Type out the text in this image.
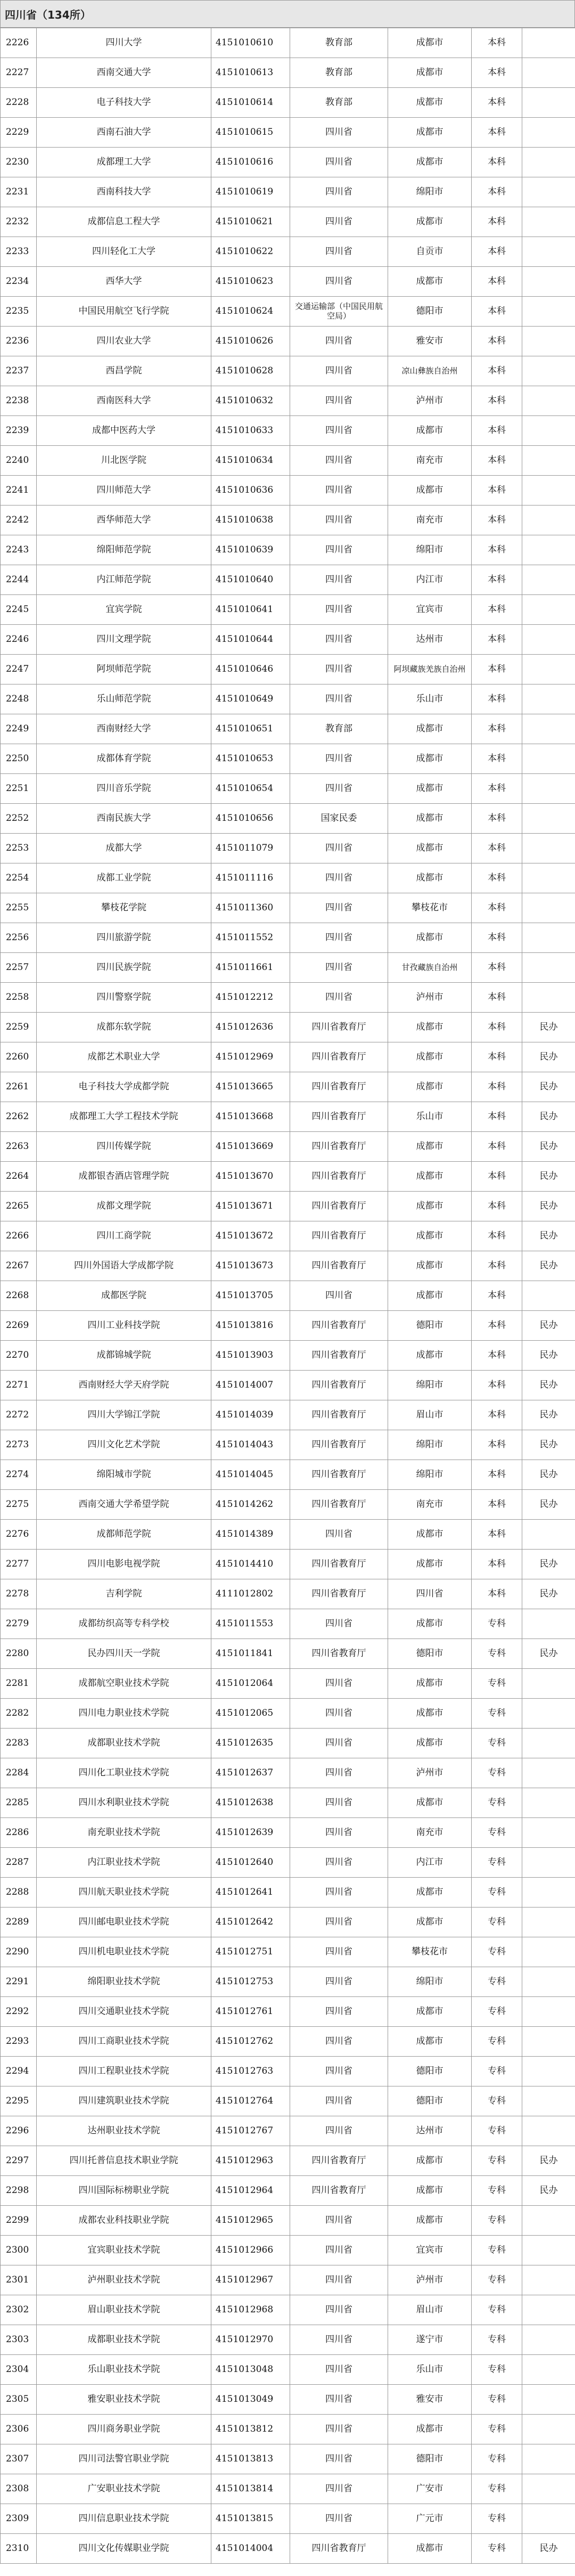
四川省（134所）
2226	四川大学	4151010610	教育部	成都市	本科	
2227	西南交通大学	4151010613	教育部	成都市	本科	
2228	电子科技大学	4151010614	教育部	成都市	本科	
2229	西南石油大学	4151010615	四川省	成都市	本科	
2230	成都理工大学	4151010616	四川省	成都市	本科	
2231	西南科技大学	4151010619	四川省	绵阳市	本科	
2232	成都信息工程大学	4151010621	四川省	成都市	本科	
2233	四川轻化工大学	4151010622	四川省	自贡市	本科	
2234	西华大学	4151010623	四川省	成都市	本科	
2235	中国民用航空飞行学院	4151010624	交通运输部（中国民用航空局）	德阳市	本科	
2236	四川农业大学	4151010626	四川省	雅安市	本科	
2237	西昌学院	4151010628	四川省	凉山彝族自治州	本科	
2238	西南医科大学	4151010632	四川省	泸州市	本科	
2239	成都中医药大学	4151010633	四川省	成都市	本科	
2240	川北医学院	4151010634	四川省	南充市	本科	
2241	四川师范大学	4151010636	四川省	成都市	本科	
2242	西华师范大学	4151010638	四川省	南充市	本科	
2243	绵阳师范学院	4151010639	四川省	绵阳市	本科	
2244	内江师范学院	4151010640	四川省	内江市	本科	
2245	宜宾学院	4151010641	四川省	宜宾市	本科	
2246	四川文理学院	4151010644	四川省	达州市	本科	
2247	阿坝师范学院	4151010646	四川省	阿坝藏族羌族自治州	本科	
2248	乐山师范学院	4151010649	四川省	乐山市	本科	
2249	西南财经大学	4151010651	教育部	成都市	本科	
2250	成都体育学院	4151010653	四川省	成都市	本科	
2251	四川音乐学院	4151010654	四川省	成都市	本科	
2252	西南民族大学	4151010656	国家民委	成都市	本科	
2253	成都大学	4151011079	四川省	成都市	本科	
2254	成都工业学院	4151011116	四川省	成都市	本科	
2255	攀枝花学院	4151011360	四川省	攀枝花市	本科	
2256	四川旅游学院	4151011552	四川省	成都市	本科	
2257	四川民族学院	4151011661	四川省	甘孜藏族自治州	本科	
2258	四川警察学院	4151012212	四川省	泸州市	本科	
2259	成都东软学院	4151012636	四川省教育厅	成都市	本科	民办
2260	成都艺术职业大学	4151012969	四川省教育厅	成都市	本科	民办
2261	电子科技大学成都学院	4151013665	四川省教育厅	成都市	本科	民办
2262	成都理工大学工程技术学院	4151013668	四川省教育厅	乐山市	本科	民办
2263	四川传媒学院	4151013669	四川省教育厅	成都市	本科	民办
2264	成都银杏酒店管理学院	4151013670	四川省教育厅	成都市	本科	民办
2265	成都文理学院	4151013671	四川省教育厅	成都市	本科	民办
2266	四川工商学院	4151013672	四川省教育厅	成都市	本科	民办
2267	四川外国语大学成都学院	4151013673	四川省教育厅	成都市	本科	民办
2268	成都医学院	4151013705	四川省	成都市	本科	
2269	四川工业科技学院	4151013816	四川省教育厅	德阳市	本科	民办
2270	成都锦城学院	4151013903	四川省教育厅	成都市	本科	民办
2271	西南财经大学天府学院	4151014007	四川省教育厅	绵阳市	本科	民办
2272	四川大学锦江学院	4151014039	四川省教育厅	眉山市	本科	民办
2273	四川文化艺术学院	4151014043	四川省教育厅	绵阳市	本科	民办
2274	绵阳城市学院	4151014045	四川省教育厅	绵阳市	本科	民办
2275	西南交通大学希望学院	4151014262	四川省教育厅	南充市	本科	民办
2276	成都师范学院	4151014389	四川省	成都市	本科	
2277	四川电影电视学院	4151014410	四川省教育厅	成都市	本科	民办
2278	吉利学院	4111012802	四川省教育厅	四川省	本科	民办
2279	成都纺织高等专科学校	4151011553	四川省	成都市	专科	
2280	民办四川天一学院	4151011841	四川省教育厅	德阳市	专科	民办
2281	成都航空职业技术学院	4151012064	四川省	成都市	专科	
2282	四川电力职业技术学院	4151012065	四川省	成都市	专科	
2283	成都职业技术学院	4151012635	四川省	成都市	专科	
2284	四川化工职业技术学院	4151012637	四川省	泸州市	专科	
2285	四川水利职业技术学院	4151012638	四川省	成都市	专科	
2286	南充职业技术学院	4151012639	四川省	南充市	专科	
2287	内江职业技术学院	4151012640	四川省	内江市	专科	
2288	四川航天职业技术学院	4151012641	四川省	成都市	专科	
2289	四川邮电职业技术学院	4151012642	四川省	成都市	专科	
2290	四川机电职业技术学院	4151012751	四川省	攀枝花市	专科	
2291	绵阳职业技术学院	4151012753	四川省	绵阳市	专科	
2292	四川交通职业技术学院	4151012761	四川省	成都市	专科	
2293	四川工商职业技术学院	4151012762	四川省	成都市	专科	
2294	四川工程职业技术学院	4151012763	四川省	德阳市	专科	
2295	四川建筑职业技术学院	4151012764	四川省	德阳市	专科	
2296	达州职业技术学院	4151012767	四川省	达州市	专科	
2297	四川托普信息技术职业学院	4151012963	四川省教育厅	成都市	专科	民办
2298	四川国际标榜职业学院	4151012964	四川省教育厅	成都市	专科	民办
2299	成都农业科技职业学院	4151012965	四川省	成都市	专科	
2300	宜宾职业技术学院	4151012966	四川省	宜宾市	专科	
2301	泸州职业技术学院	4151012967	四川省	泸州市	专科	
2302	眉山职业技术学院	4151012968	四川省	眉山市	专科	
2303	成都职业技术学院	4151012970	四川省	遂宁市	专科	
2304	乐山职业技术学院	4151013048	四川省	乐山市	专科	
2305	雅安职业技术学院	4151013049	四川省	雅安市	专科	
2306	四川商务职业学院	4151013812	四川省	成都市	专科	
2307	四川司法警官职业学院	4151013813	四川省	德阳市	专科	
2308	广安职业技术学院	4151013814	四川省	广安市	专科	
2309	四川信息职业技术学院	4151013815	四川省	广元市	专科	
2310	四川文化传媒职业学院	4151014004	四川省教育厅	成都市	专科	民办
